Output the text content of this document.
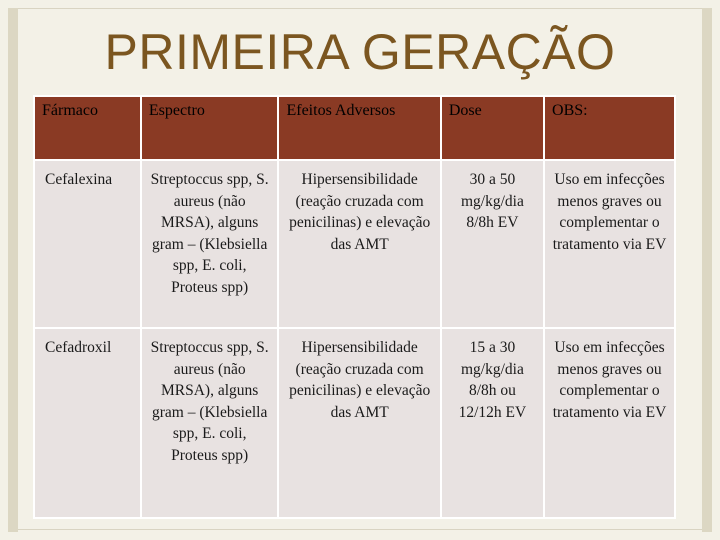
PRIMEIRA GERAÇÃO
Fármaco	Espectro	Efeitos Adversos	Dose	OBS:
Cefalexina	Streptoccus spp, S. aureus (não MRSA), alguns gram – (Klebsiella spp, E. coli, Proteus spp)	Hipersensibilidade (reação cruzada com penicilinas) e elevação das AMT	30 a 50 mg/kg/dia 8/8h EV	Uso em infecções menos graves ou complementar o tratamento via EV
Cefadroxil	Streptoccus spp, S. aureus (não MRSA), alguns gram – (Klebsiella spp, E. coli, Proteus spp)	Hipersensibilidade (reação cruzada com penicilinas) e elevação das AMT	15 a 30 mg/kg/dia 8/8h ou 12/12h EV	Uso em infecções menos graves ou complementar o tratamento via EV
